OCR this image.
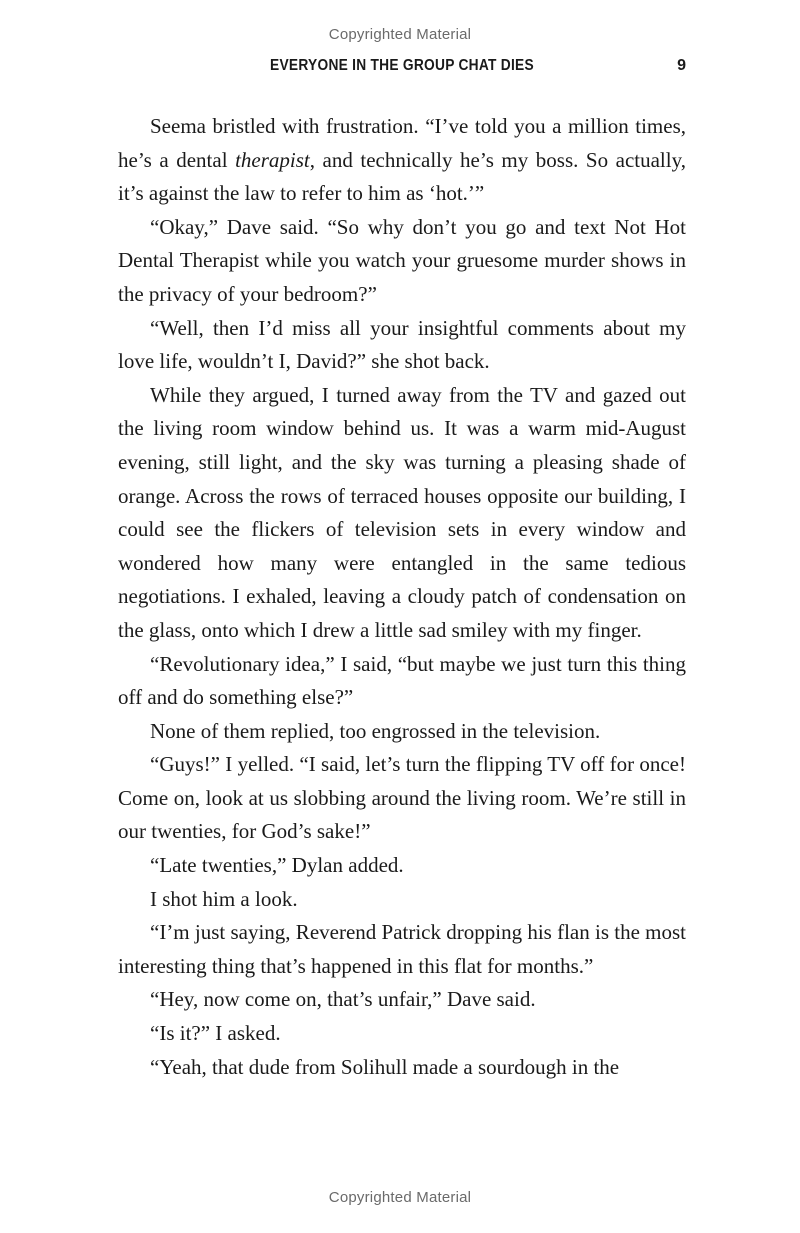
Copyrighted Material
EVERYONE IN THE GROUP CHAT DIES	9

Seema bristled with frustration. “I’ve told you a million times, he’s a dental therapist, and technically he’s my boss. So actually, it’s against the law to refer to him as ‘hot.’”

“Okay,” Dave said. “So why don’t you go and text Not Hot Dental Therapist while you watch your gruesome murder shows in the privacy of your bedroom?”

“Well, then I’d miss all your insightful comments about my love life, wouldn’t I, David?” she shot back.

While they argued, I turned away from the TV and gazed out the living room window behind us. It was a warm mid-August evening, still light, and the sky was turning a pleasing shade of orange. Across the rows of terraced houses opposite our building, I could see the flickers of television sets in every window and wondered how many were entangled in the same tedious negotiations. I exhaled, leaving a cloudy patch of condensation on the glass, onto which I drew a little sad smiley with my finger.

“Revolutionary idea,” I said, “but maybe we just turn this thing off and do something else?”

None of them replied, too engrossed in the television.

“Guys!” I yelled. “I said, let’s turn the flipping TV off for once! Come on, look at us slobbing around the living room. We’re still in our twenties, for God’s sake!”

“Late twenties,” Dylan added.

I shot him a look.

“I’m just saying, Reverend Patrick dropping his flan is the most interesting thing that’s happened in this flat for months.”

“Hey, now come on, that’s unfair,” Dave said.

“Is it?” I asked.

“Yeah, that dude from Solihull made a sourdough in the

Copyrighted Material
